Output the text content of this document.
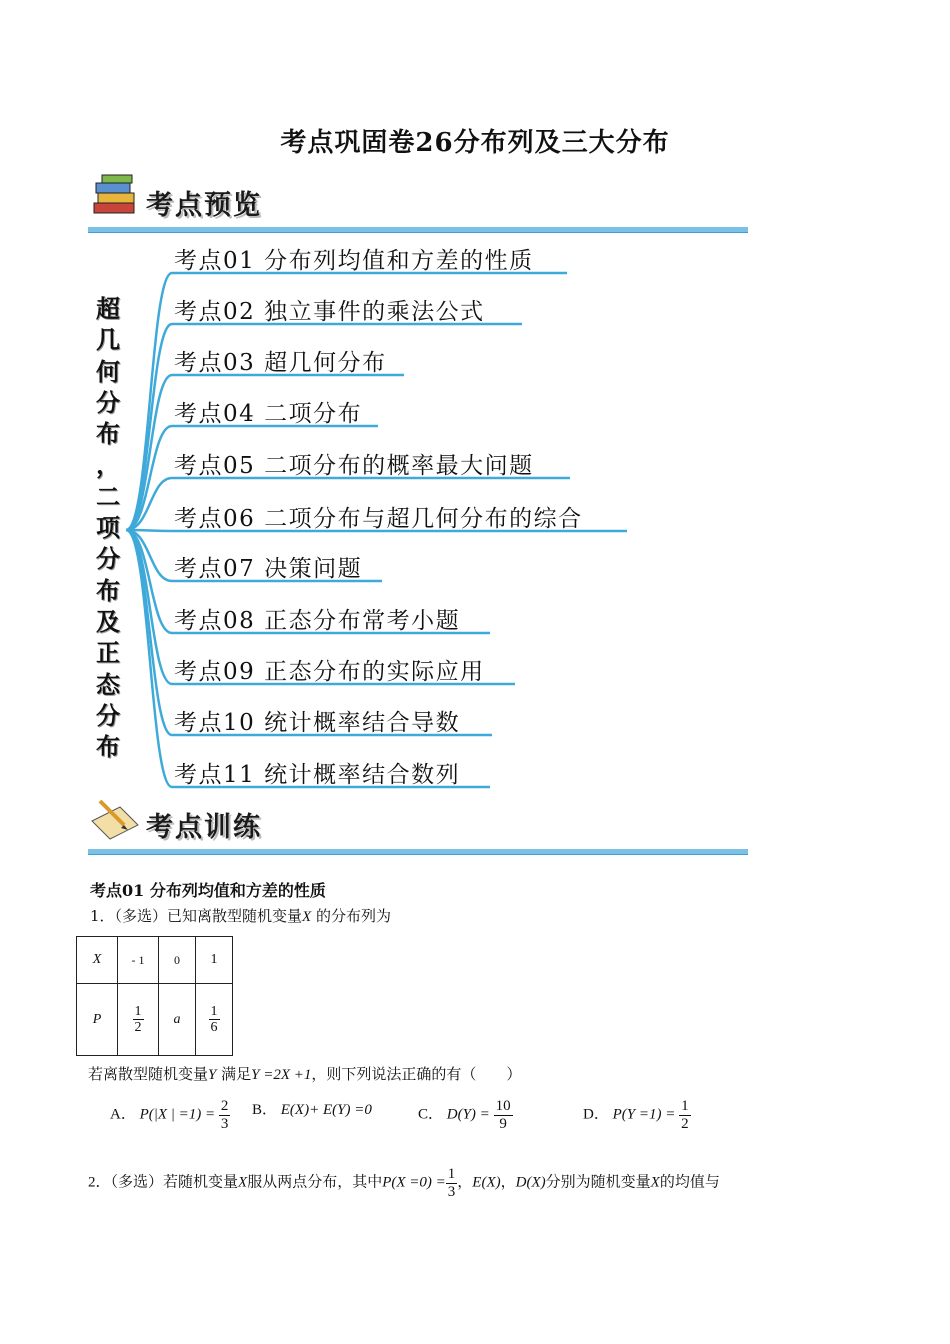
考点巩固卷26分布列及三大分布
考点预览
超
几
何
分
布
，
二
项
分
布
及
正
态
分
布
考点01 分布列均值和方差的性质
考点02 独立事件的乘法公式
考点03 超几何分布
考点04 二项分布
考点05 二项分布的概率最大问题
考点06 二项分布与超几何分布的综合
考点07 决策问题
考点08 正态分布常考小题
考点09 正态分布的实际应用
考点10 统计概率结合导数
考点11 统计概率结合数列
考点训练
考点01 分布列均值和方差的性质
1．（多选）已知离散型随机变量X 的分布列为
X	- 1	0	1
P	$\frac{1}{2}$	a	$\frac{1}{6}$
若离散型随机变量Y 满足Y =2X +1，则下列说法正确的有（　　）
A． P(|X | $=1) = \frac{2}{3}$ B． E(X)+ E(Y) =0	C． $D(Y) = \frac{10}{9}$	D． $P(Y =1) = \frac{1}{2}$
2．（多选）若随机变量X服从两点分布，其中$P(X =0) = \frac{1}{3}$ ，E(X)，D(X)分别为随机变量X的均值与
